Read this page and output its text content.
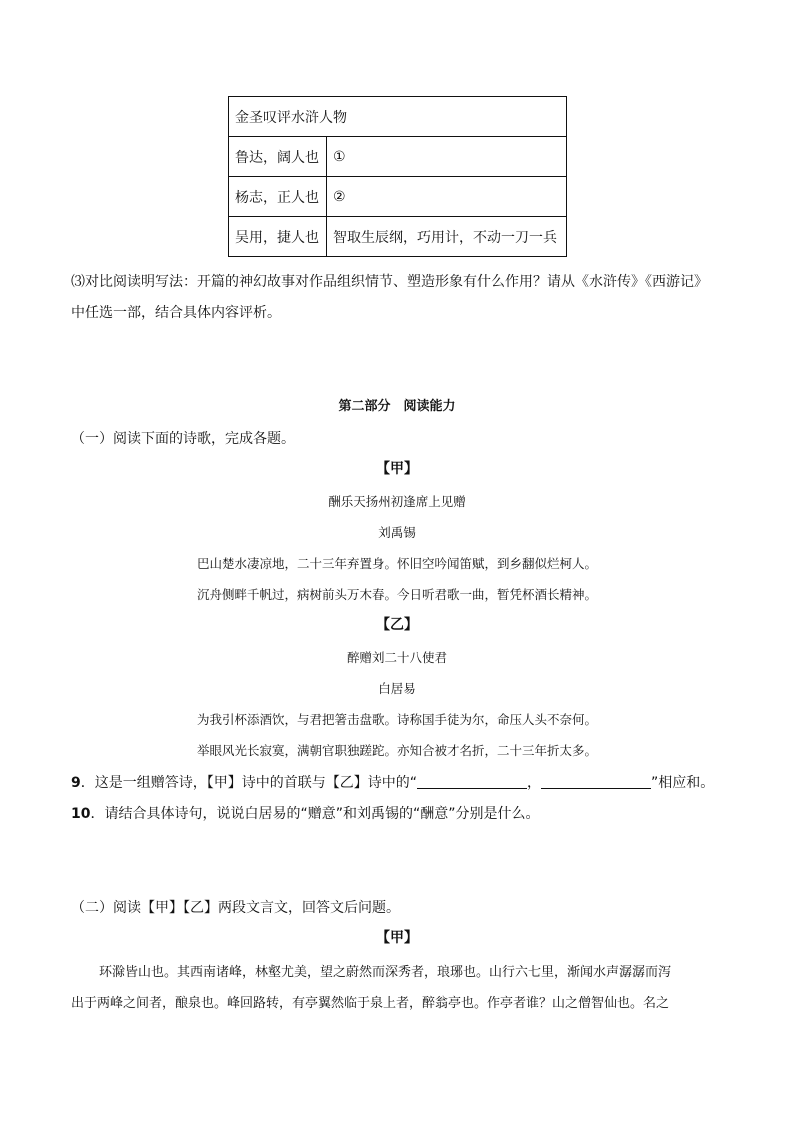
金圣叹评水浒人物	
鲁达，阔人也	①
杨志，正人也	②
吴用，捷人也	智取生辰纲，巧用计，不动一刀一兵
⑶对比阅读明写法：开篇的神幻故事对作品组织情节、塑造形象有什么作用？请从《水浒传》《西游记》
中任选一部，结合具体内容评析。
第二部分　阅读能力
（一）阅读下面的诗歌，完成各题。
【甲】
酬乐天扬州初逢席上见赠
刘禹锡
巴山楚水凄凉地，二十三年弃置身。怀旧空吟闻笛赋，到乡翻似烂柯人。
沉舟侧畔千帆过，病树前头万木春。今日听君歌一曲，暂凭杯酒长精神。
【乙】
醉赠刘二十八使君
白居易
为我引杯添酒饮，与君把箸击盘歌。诗称国手徒为尔，命压人头不奈何。
举眼风光长寂寞，满朝官职独蹉跎。亦知合被才名折，二十三年折太多。
9．这是一组赠答诗，【甲】诗中的首联与【乙】诗中的“	，	”相应和。
10．请结合具体诗句，说说白居易的“赠意”和刘禹锡的“酬意”分别是什么。
（二）阅读【甲】【乙】两段文言文，回答文后问题。
【甲】
环滁皆山也。其西南诸峰，林壑尤美，望之蔚然而深秀者，琅琊也。山行六七里，渐闻水声潺潺而泻
出于两峰之间者，酿泉也。峰回路转，有亭翼然临于泉上者，醉翁亭也。作亭者谁？山之僧智仙也。名之
